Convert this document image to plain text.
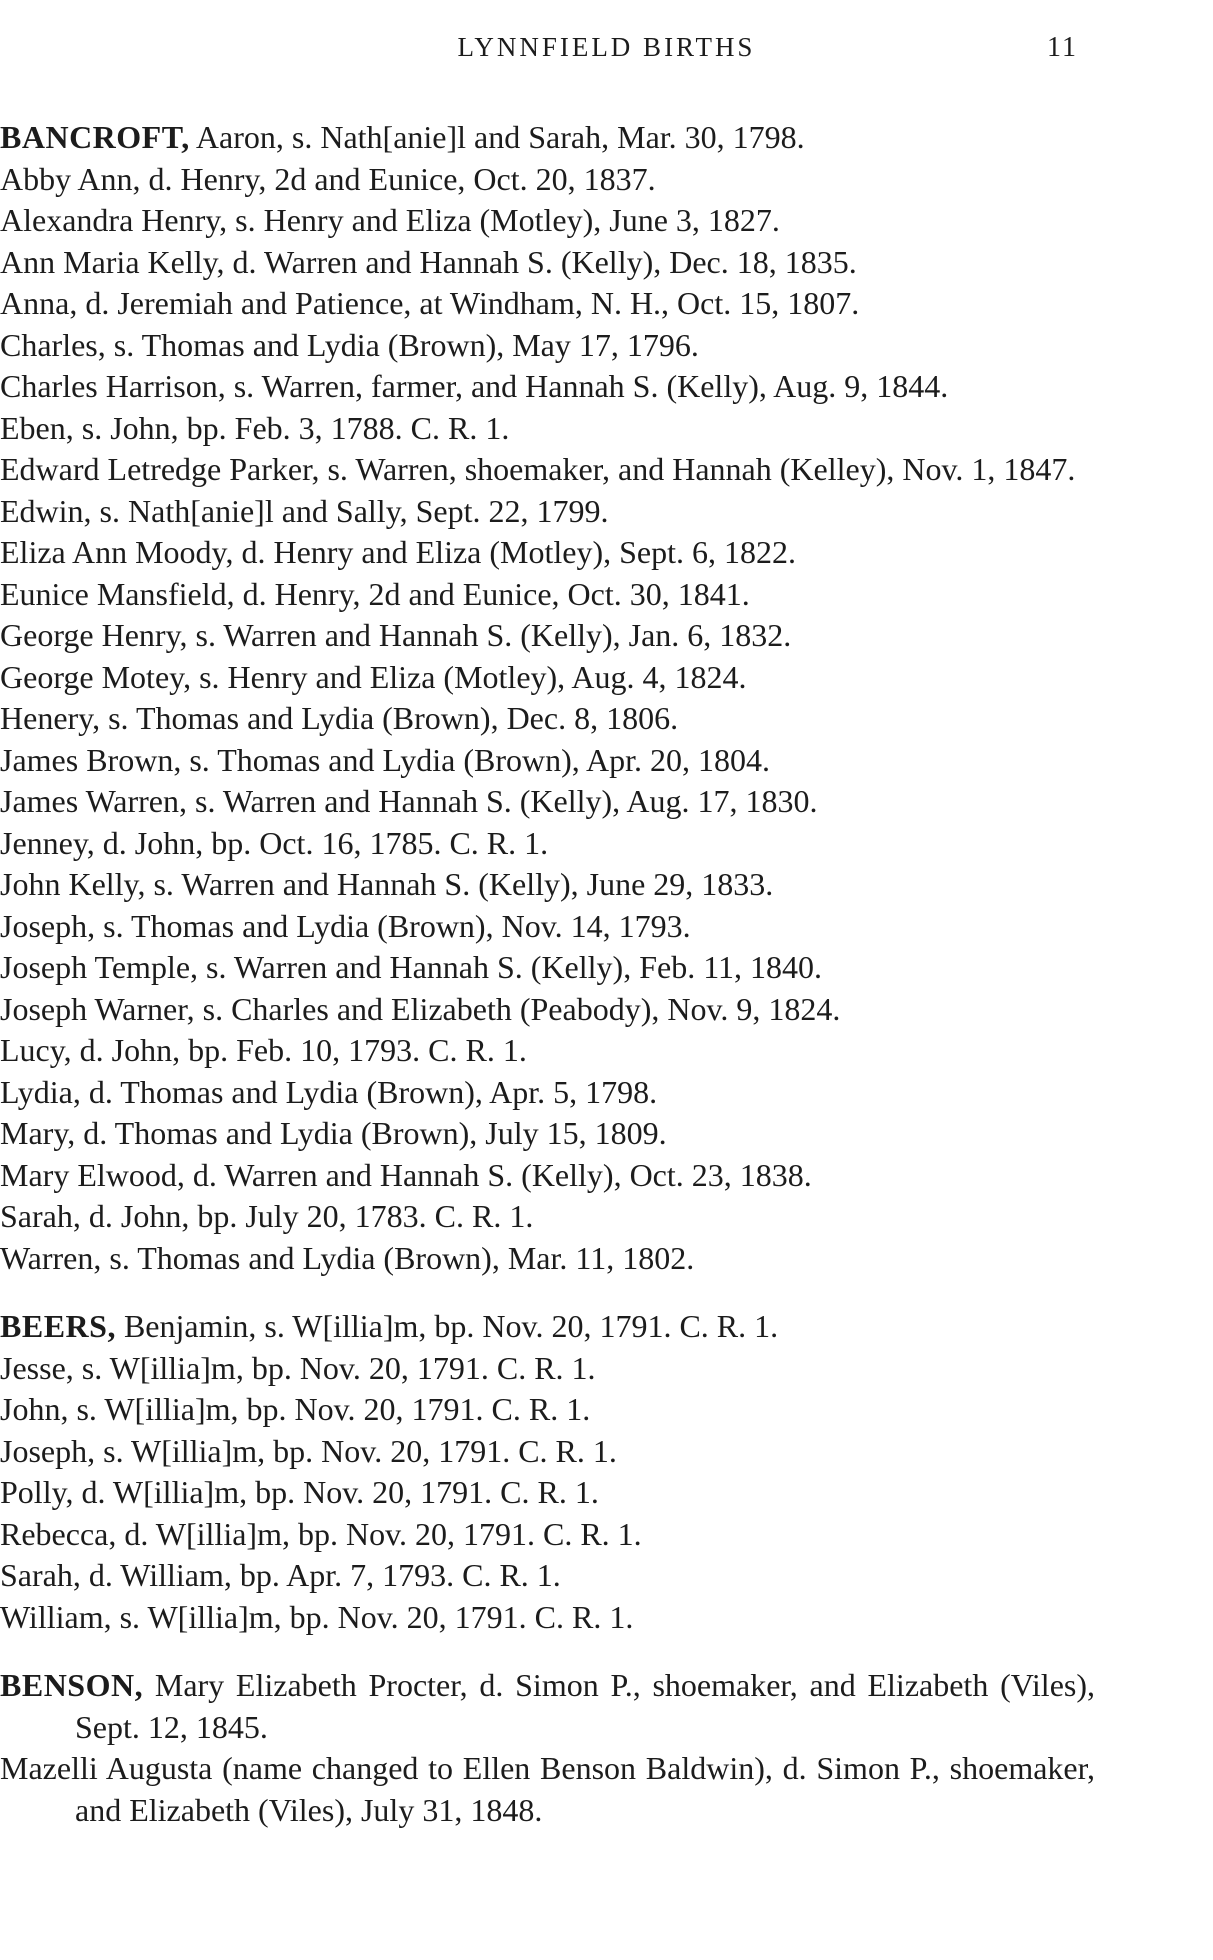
LYNNFIELD BIRTHS	11

BANCROFT, Aaron, s. Nath[anie]l and Sarah, Mar. 30, 1798.

Abby Ann, d. Henry, 2d and Eunice, Oct. 20, 1837.

Alexandra Henry, s. Henry and Eliza (Motley), June 3, 1827.

Ann Maria Kelly, d. Warren and Hannah S. (Kelly), Dec. 18, 1835.

Anna, d. Jeremiah and Patience, at Windham, N. H., Oct. 15, 1807.

Charles, s. Thomas and Lydia (Brown), May 17, 1796.

Charles Harrison, s. Warren, farmer, and Hannah S. (Kelly), Aug. 9, 1844.

Eben, s. John, bp. Feb. 3, 1788. C. R. 1.

Edward Letredge Parker, s. Warren, shoemaker, and Hannah (Kelley), Nov. 1, 1847.

Edwin, s. Nath[anie]l and Sally, Sept. 22, 1799.

Eliza Ann Moody, d. Henry and Eliza (Motley), Sept. 6, 1822.

Eunice Mansfield, d. Henry, 2d and Eunice, Oct. 30, 1841.

George Henry, s. Warren and Hannah S. (Kelly), Jan. 6, 1832.

George Motey, s. Henry and Eliza (Motley), Aug. 4, 1824.

Henery, s. Thomas and Lydia (Brown), Dec. 8, 1806.

James Brown, s. Thomas and Lydia (Brown), Apr. 20, 1804.

James Warren, s. Warren and Hannah S. (Kelly), Aug. 17, 1830.

Jenney, d. John, bp. Oct. 16, 1785. C. R. 1.

John Kelly, s. Warren and Hannah S. (Kelly), June 29, 1833.

Joseph, s. Thomas and Lydia (Brown), Nov. 14, 1793.

Joseph Temple, s. Warren and Hannah S. (Kelly), Feb. 11, 1840.

Joseph Warner, s. Charles and Elizabeth (Peabody), Nov. 9, 1824.

Lucy, d. John, bp. Feb. 10, 1793. C. R. 1.

Lydia, d. Thomas and Lydia (Brown), Apr. 5, 1798.

Mary, d. Thomas and Lydia (Brown), July 15, 1809.

Mary Elwood, d. Warren and Hannah S. (Kelly), Oct. 23, 1838.

Sarah, d. John, bp. July 20, 1783. C. R. 1.

Warren, s. Thomas and Lydia (Brown), Mar. 11, 1802.

BEERS, Benjamin, s. W[illia]m, bp. Nov. 20, 1791. C. R. 1.

Jesse, s. W[illia]m, bp. Nov. 20, 1791. C. R. 1.

John, s. W[illia]m, bp. Nov. 20, 1791. C. R. 1.

Joseph, s. W[illia]m, bp. Nov. 20, 1791. C. R. 1.

Polly, d. W[illia]m, bp. Nov. 20, 1791. C. R. 1.

Rebecca, d. W[illia]m, bp. Nov. 20, 1791. C. R. 1.

Sarah, d. William, bp. Apr. 7, 1793. C. R. 1.

William, s. W[illia]m, bp. Nov. 20, 1791. C. R. 1.

BENSON, Mary Elizabeth Procter, d. Simon P., shoemaker, and Elizabeth (Viles), Sept. 12, 1845.

Mazelli Augusta (name changed to Ellen Benson Baldwin), d. Simon P., shoemaker, and Elizabeth (Viles), July 31, 1848.
